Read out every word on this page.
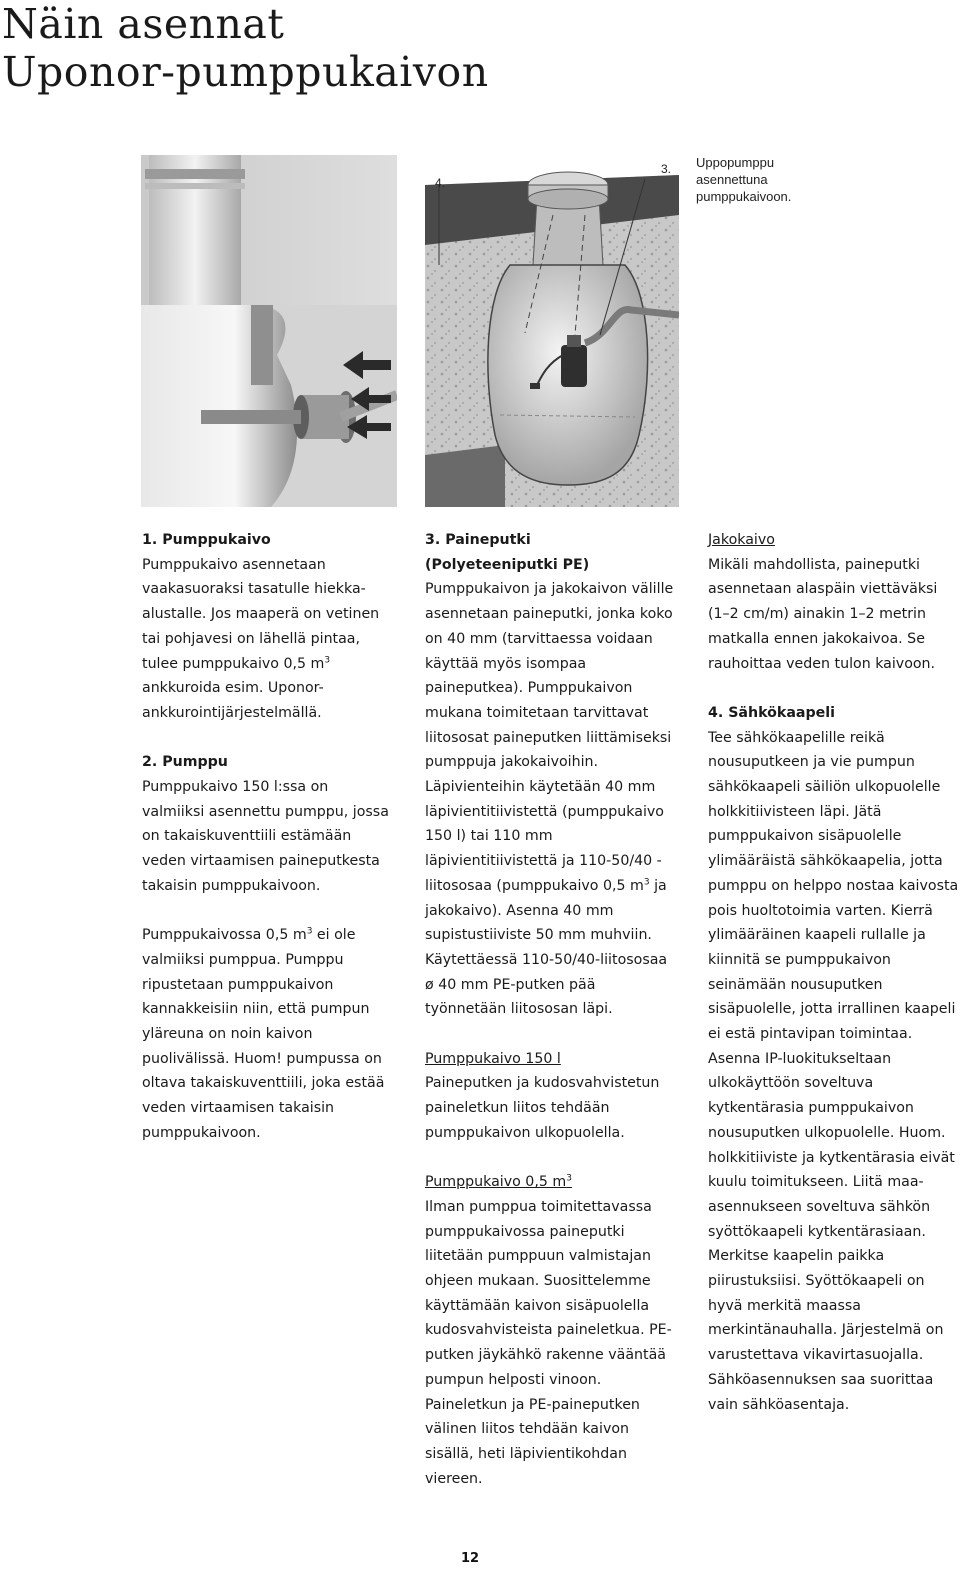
Näin asennat
Uponor-pumppukaivon
4.
3. Uppopumppu asennettuna pumppukaivoon.

1. Pumppukaivo
Pumppukaivo asennetaan vaakasuoraksi tasatulle hiekka-alustalle. Jos maaperä on vetinen tai pohjavesi on lähellä pintaa, tulee pumppukaivo 0,5 $m^3$ ankkuroida esim. Uponor-ankkurointijärjestelmällä.

2. Pumppu
Pumppukaivo 150 l:ssa on valmiiksi asennettu pumppu, jossa on takaiskuventtiili estämään veden virtaamisen paineputkesta takaisin pumppukaivoon.

Pumppukaivossa 0,5 $m^3$ ei ole valmiiksi pumppua. Pumppu ripustetaan pumppukaivon kannakkeisiin niin, että pumpun yläreuna on noin kaivon puolivälissä. Huom! pumpussa on oltava takaiskuventtiili, joka estää veden virtaamisen takaisin pumppukaivoon.

3. Paineputki
(Polyeteeniputki PE)
Pumppukaivon ja jakokaivon välille asennetaan paineputki, jonka koko on 40 mm (tarvittaessa voidaan käyttää myös isompaa paineputkea). Pumppukaivon mukana toimitetaan tarvittavat liitososat paineputken liittämiseksi pumppuja jakokaivoihin. Läpivienteihin käytetään 40 mm läpivientitiivistettä (pumppukaivo 150 l) tai 110 mm läpivientitiivistettä ja 110-50/40 -liitososaa (pumppukaivo 0,5 $m^3$ ja jakokaivo). Asenna 40 mm supistustiiviste 50 mm muhviin. Käytettäessä 110-50/40-liitososaa ø 40 mm PE-putken pää työnnetään liitososan läpi.

Pumppukaivo 150 l
Paineputken ja kudosvahvistetun paineletkun liitos tehdään pumppukaivon ulkopuolella.

Pumppukaivo 0,5 $m^3$
Ilman pumppua toimitettavassa pumppukaivossa paineputki liitetään pumppuun valmistajan ohjeen mukaan. Suosittelemme käyttämään kaivon sisäpuolella kudosvahvisteista paineletkua. PE-putken jäykähkö rakenne vääntää pumpun helposti vinoon. Paineletkun ja PE-paineputken välinen liitos tehdään kaivon sisällä, heti läpivientikohdan viereen.

Jakokaivo
Mikäli mahdollista, paineputki asennetaan alaspäin viettäväksi (1–2 cm/m) ainakin 1–2 metrin matkalla ennen jakokaivoa. Se rauhoittaa veden tulon kaivoon.

4. Sähkökaapeli
Tee sähkökaapelille reikä nousuputkeen ja vie pumpun sähkökaapeli säiliön ulkopuolelle holkkitiivisteen läpi. Jätä pumppukaivon sisäpuolelle ylimääräistä sähkökaapelia, jotta pumppu on helppo nostaa kaivosta pois huoltotoimia varten. Kierrä ylimääräinen kaapeli rullalle ja kiinnitä se pumppukaivon seinämään nousuputken sisäpuolelle, jotta irrallinen kaapeli ei estä pintavipan toimintaa. Asenna IP-luokitukseltaan ulkokäyttöön soveltuva kytkentärasia pumppukaivon nousuputken ulkopuolelle. Huom. holkkitiiviste ja kytkentärasia eivät kuulu toimitukseen. Liitä maa-asennukseen soveltuva sähkön syöttökaapeli kytkentärasiaan. Merkitse kaapelin paikka piirustuksiisi. Syöttökaapeli on hyvä merkitä maassa merkintänauhalla. Järjestelmä on varustettava vikavirtasuojalla. Sähköasennuksen saa suorittaa vain sähköasentaja.

12
